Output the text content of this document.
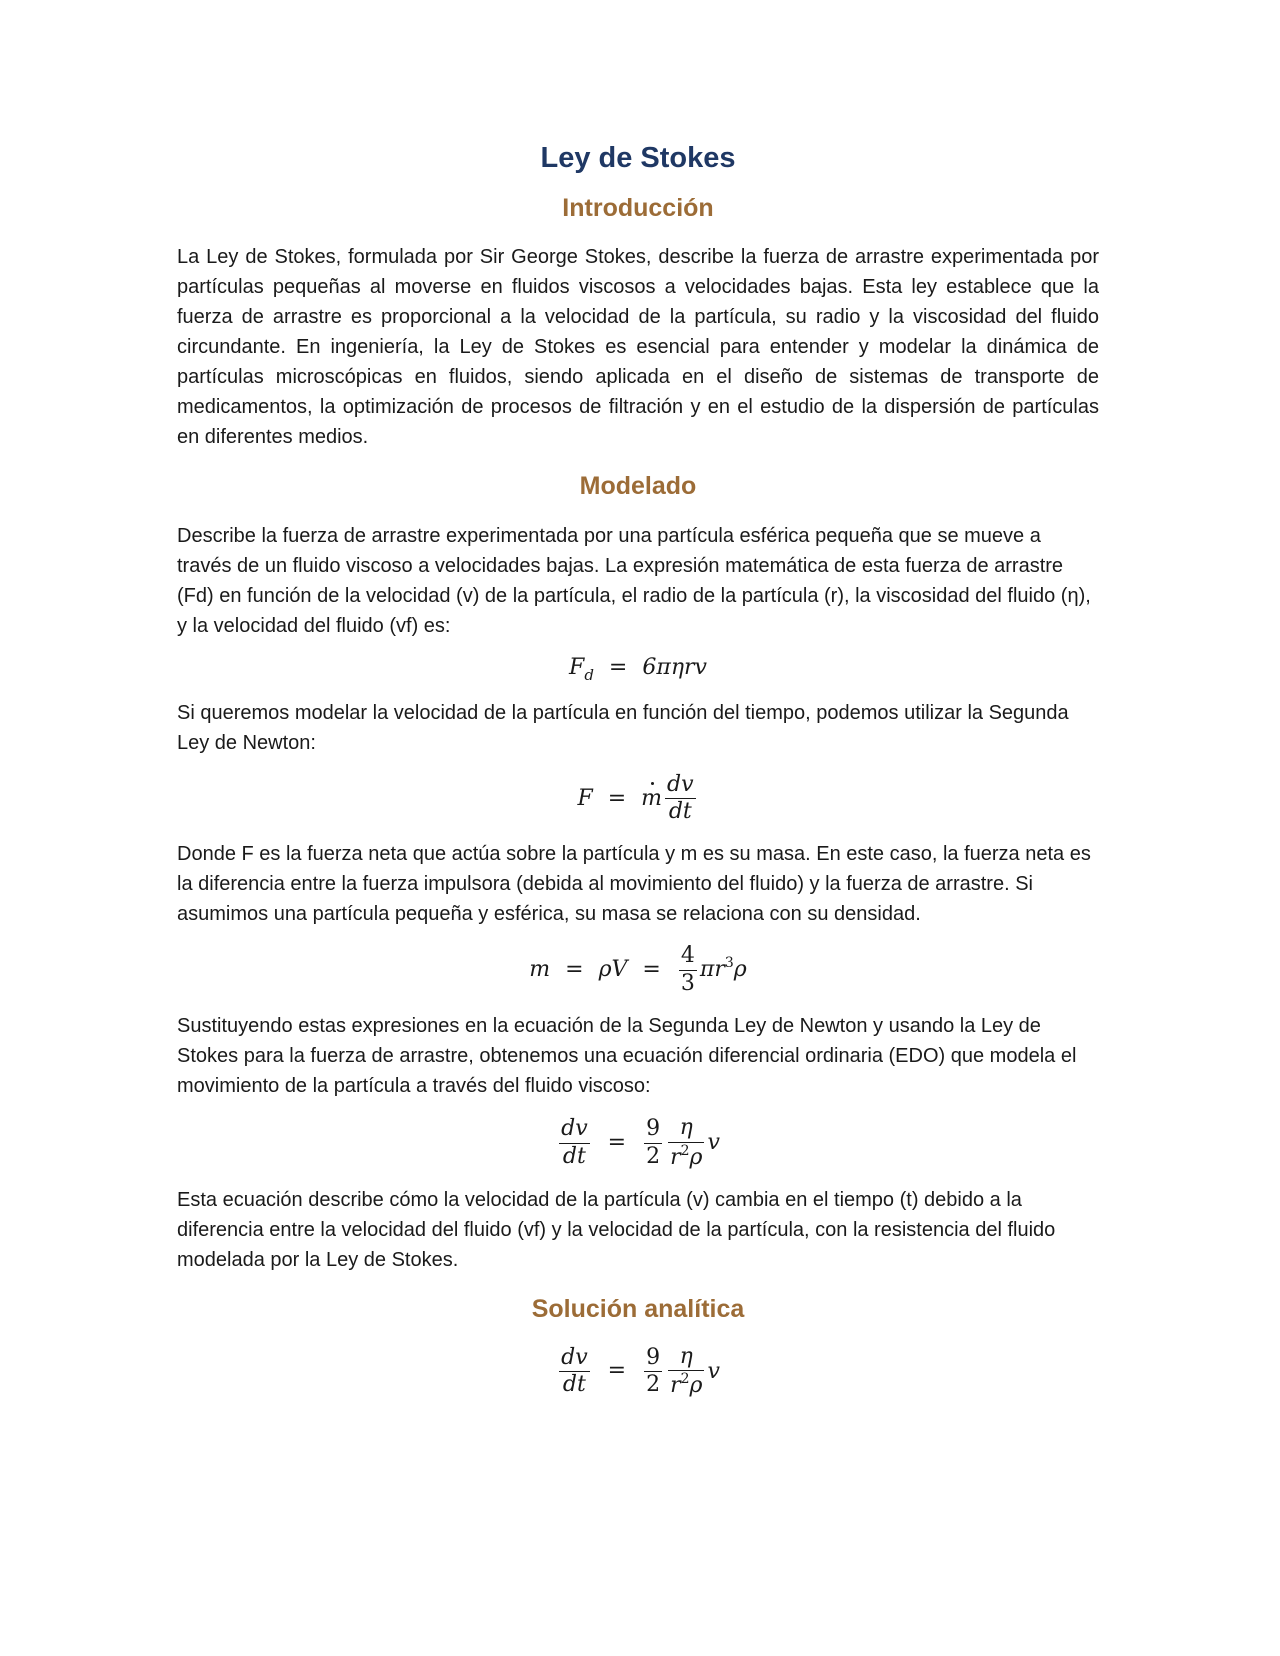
Ley de Stokes
Introducción

La Ley de Stokes, formulada por Sir George Stokes, describe la fuerza de arrastre experimentada por partículas pequeñas al moverse en fluidos viscosos a velocidades bajas. Esta ley establece que la fuerza de arrastre es proporcional a la velocidad de la partícula, su radio y la viscosidad del fluido circundante. En ingeniería, la Ley de Stokes es esencial para entender y modelar la dinámica de partículas microscópicas en fluidos, siendo aplicada en el diseño de sistemas de transporte de medicamentos, la optimización de procesos de filtración y en el estudio de la dispersión de partículas en diferentes medios.

Modelado

Describe la fuerza de arrastre experimentada por una partícula esférica pequeña que se mueve a través de un fluido viscoso a velocidades bajas. La expresión matemática de esta fuerza de arrastre (Fd) en función de la velocidad (v) de la partícula, el radio de la partícula (r), la viscosidad del fluido (η), y la velocidad del fluido (vf) es:

$F_d = 6\pi\eta rv$

Si queremos modelar la velocidad de la partícula en función del tiempo, podemos utilizar la Segunda Ley de Newton:

F = m $\frac{dv}{dt}$

Donde F es la fuerza neta que actúa sobre la partícula y m es su masa. En este caso, la fuerza neta es la diferencia entre la fuerza impulsora (debida al movimiento del fluido) y la fuerza de arrastre. Si asumimos una partícula pequeña y esférica, su masa se relaciona con su densidad.

$m = \rho V = \frac{4}{3} \pi r^3\rho$

Sustituyendo estas expresiones en la ecuación de la Segunda Ley de Newton y usando la Ley de Stokes para la fuerza de arrastre, obtenemos una ecuación diferencial ordinaria (EDO) que modela el movimiento de la partícula a través del fluido viscoso:

$\frac{dv}{dt} = \frac{9}{2} \frac{\eta}{r^2\rho}$ v

Esta ecuación describe cómo la velocidad de la partícula (v) cambia en el tiempo (t) debido a la diferencia entre la velocidad del fluido (vf) y la velocidad de la partícula, con la resistencia del fluido modelada por la Ley de Stokes.

Solución analítica
$\frac{dv}{dt} = \frac{9}{2} \frac{\eta}{r^2\rho}$ v
